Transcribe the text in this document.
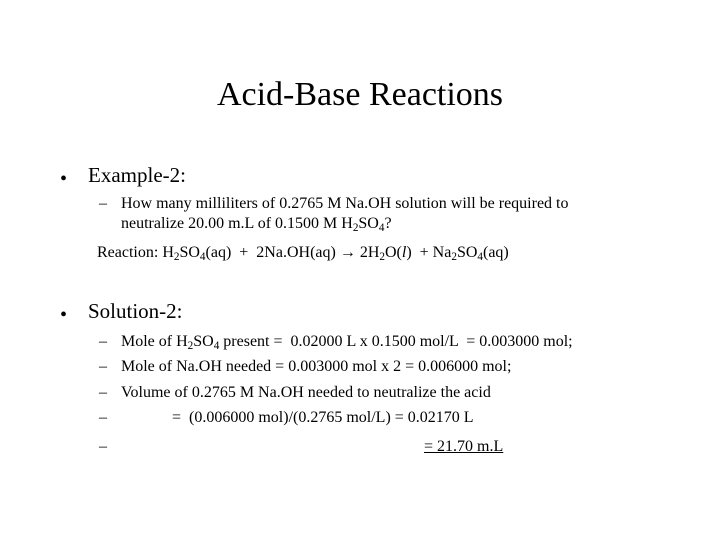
Acid-Base Reactions
• Example-2:
– How many milliliters of 0.2765 M Na.OH solution will be required to
neutralize 20.00 m.L of 0.1500 M $H_2SO_4$?
Reaction: $H_2SO_4(aq) + 2Na.OH(aq) \to 2H_2O(l) + Na_2SO_4(aq)$
• Solution-2:
– Mole of $H_2SO_4$ present =  0.02000 L x 0.1500 mol/L  = 0.003000 mol;
– Mole of Na.OH needed = 0.003000 mol x 2 = 0.006000 mol;
– Volume of 0.2765 M Na.OH needed to neutralize the acid
–	=  (0.006000 mol)/(0.2765 mol/L) = 0.02170 L
–	= 21.70 m.L
